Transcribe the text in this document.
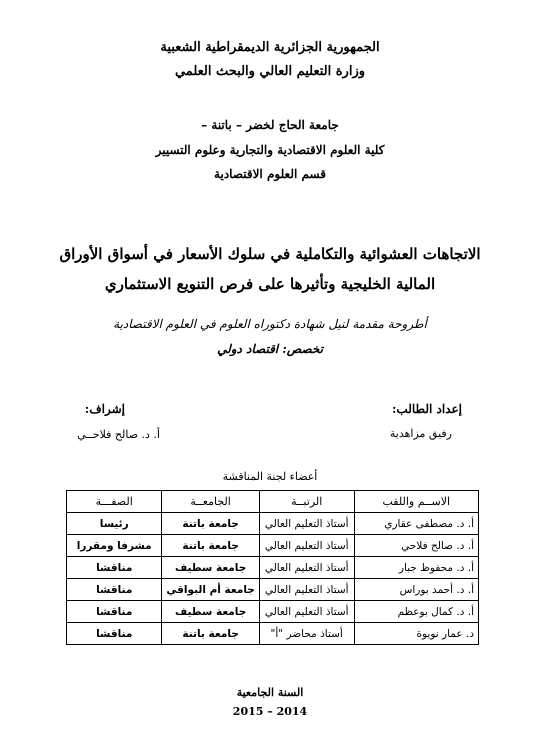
الجمهورية الجزائرية الديمقراطية الشعبية
وزارة التعليم العالي والبحث العلمي
جامعة الحاج لخضر – باتنة –
كلية العلوم الاقتصادية والتجارية وعلوم التسيير
قسم العلوم الاقتصادية
الاتجاهات العشوائية والتكاملية في سلوك الأسعار في أسواق الأوراق
المالية الخليجية وتأثيرها على فرص التنويع الاستثماري
أطروحة مقدمة لنيل شهادة دكتوراه العلوم في العلوم الاقتصادية
تخصص: اقتصاد دولي
إعداد الطالب:
رفيق مزاهدية
إشراف:
أ. د. صالح فلاحــي
أعضاء لجنة المناقشة
الاســم واللقب	الرتبــة	الجامعــة	الصفـــة
أ. د. مصطفى عقاري	أستاذ التعليم العالي	جامعة باتنة	رئيسا
أ. د. صالح فلاحي	أستاذ التعليم العالي	جامعة باتنة	مشرفا ومقررا
أ. د. محفوظ جبار	أستاذ التعليم العالي	جامعة سطيف	مناقشا
أ. د. أحمد بوراس	أستاذ التعليم العالي	جامعة أم البواقي	مناقشا
أ. د. كمال بوعظم	أستاذ التعليم العالي	جامعة سطيف	مناقشا
د. عمار نويوة	أستاذ محاضر "أ"	جامعة باتنة	مناقشا
السنة الجامعية
2015 – 2014
